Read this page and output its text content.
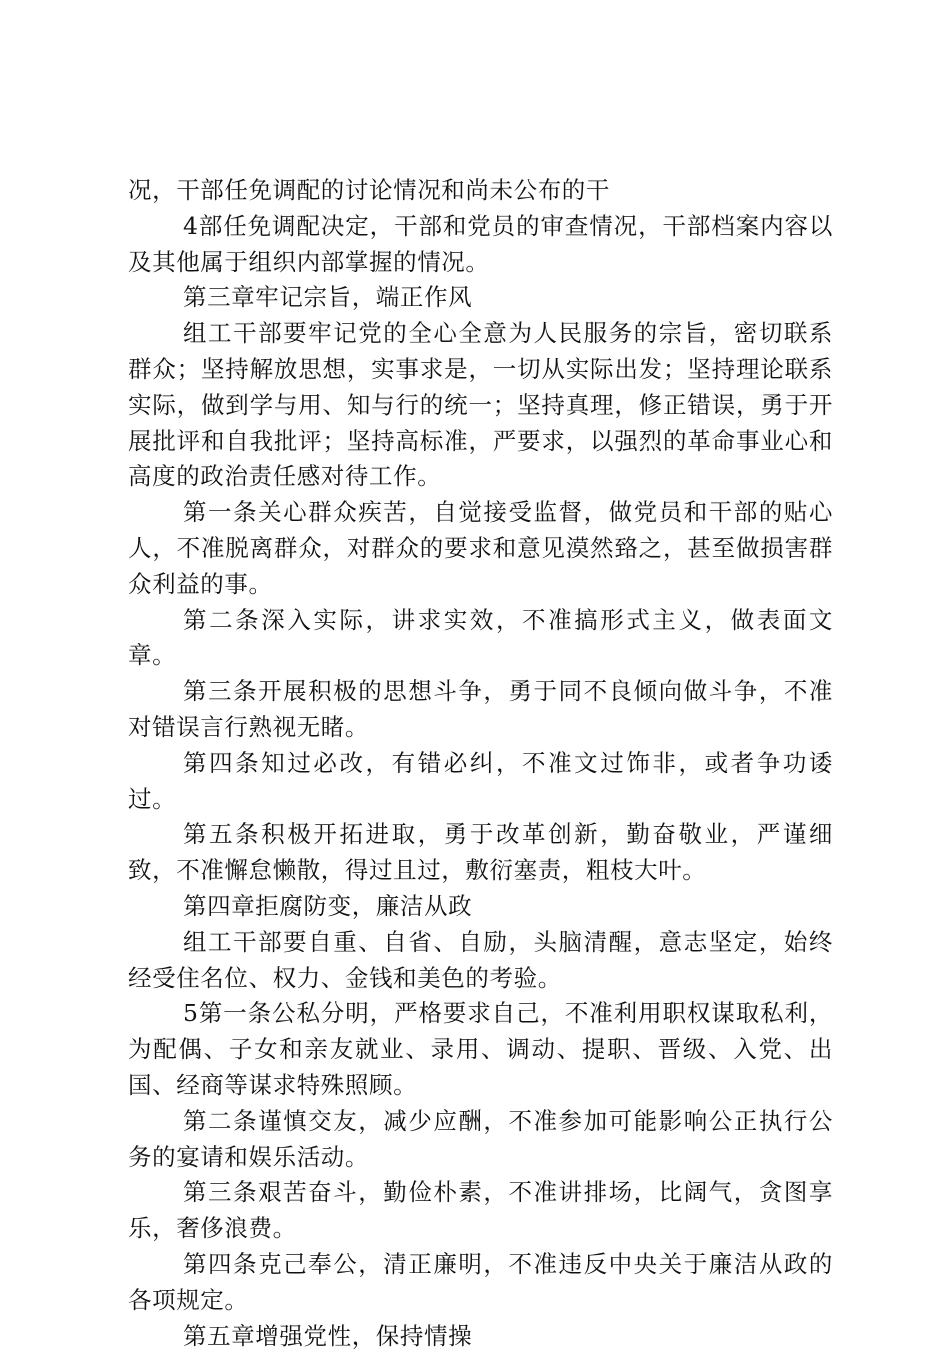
况，干部任免调配的讨论情况和尚未公布的干

4部任免调配决定，干部和党员的审查情况，干部档案内容以及其他属于组织内部掌握的情况。

第三章牢记宗旨，端正作风

组工干部要牢记党的全心全意为人民服务的宗旨，密切联系群众；坚持解放思想，实事求是，一切从实际出发；坚持理论联系实际，做到学与用、知与行的统一；坚持真理，修正错误，勇于开展批评和自我批评；坚持高标准，严要求，以强烈的革命事业心和高度的政治责任感对待工作。

第一条关心群众疾苦，自觉接受监督，做党员和干部的贴心人，不准脱离群众，对群众的要求和意见漠然臵之，甚至做损害群众利益的事。

第二条深入实际，讲求实效，不准搞形式主义，做表面文章。

第三条开展积极的思想斗争，勇于同不良倾向做斗争，不准对错误言行熟视无睹。

第四条知过必改，有错必纠，不准文过饰非，或者争功诿过。

第五条积极开拓进取，勇于改革创新，勤奋敬业，严谨细致，不准懈怠懒散，得过且过，敷衍塞责，粗枝大叶。

第四章拒腐防变，廉洁从政

组工干部要自重、自省、自励，头脑清醒，意志坚定，始终经受住名位、权力、金钱和美色的考验。

5第一条公私分明，严格要求自己，不准利用职权谋取私利，为配偶、子女和亲友就业、录用、调动、提职、晋级、入党、出国、经商等谋求特殊照顾。

第二条谨慎交友，减少应酬，不准参加可能影响公正执行公务的宴请和娱乐活动。

第三条艰苦奋斗，勤俭朴素，不准讲排场，比阔气，贪图享乐，奢侈浪费。

第四条克己奉公，清正廉明，不准违反中央关于廉洁从政的各项规定。

第五章增强党性，保持情操
